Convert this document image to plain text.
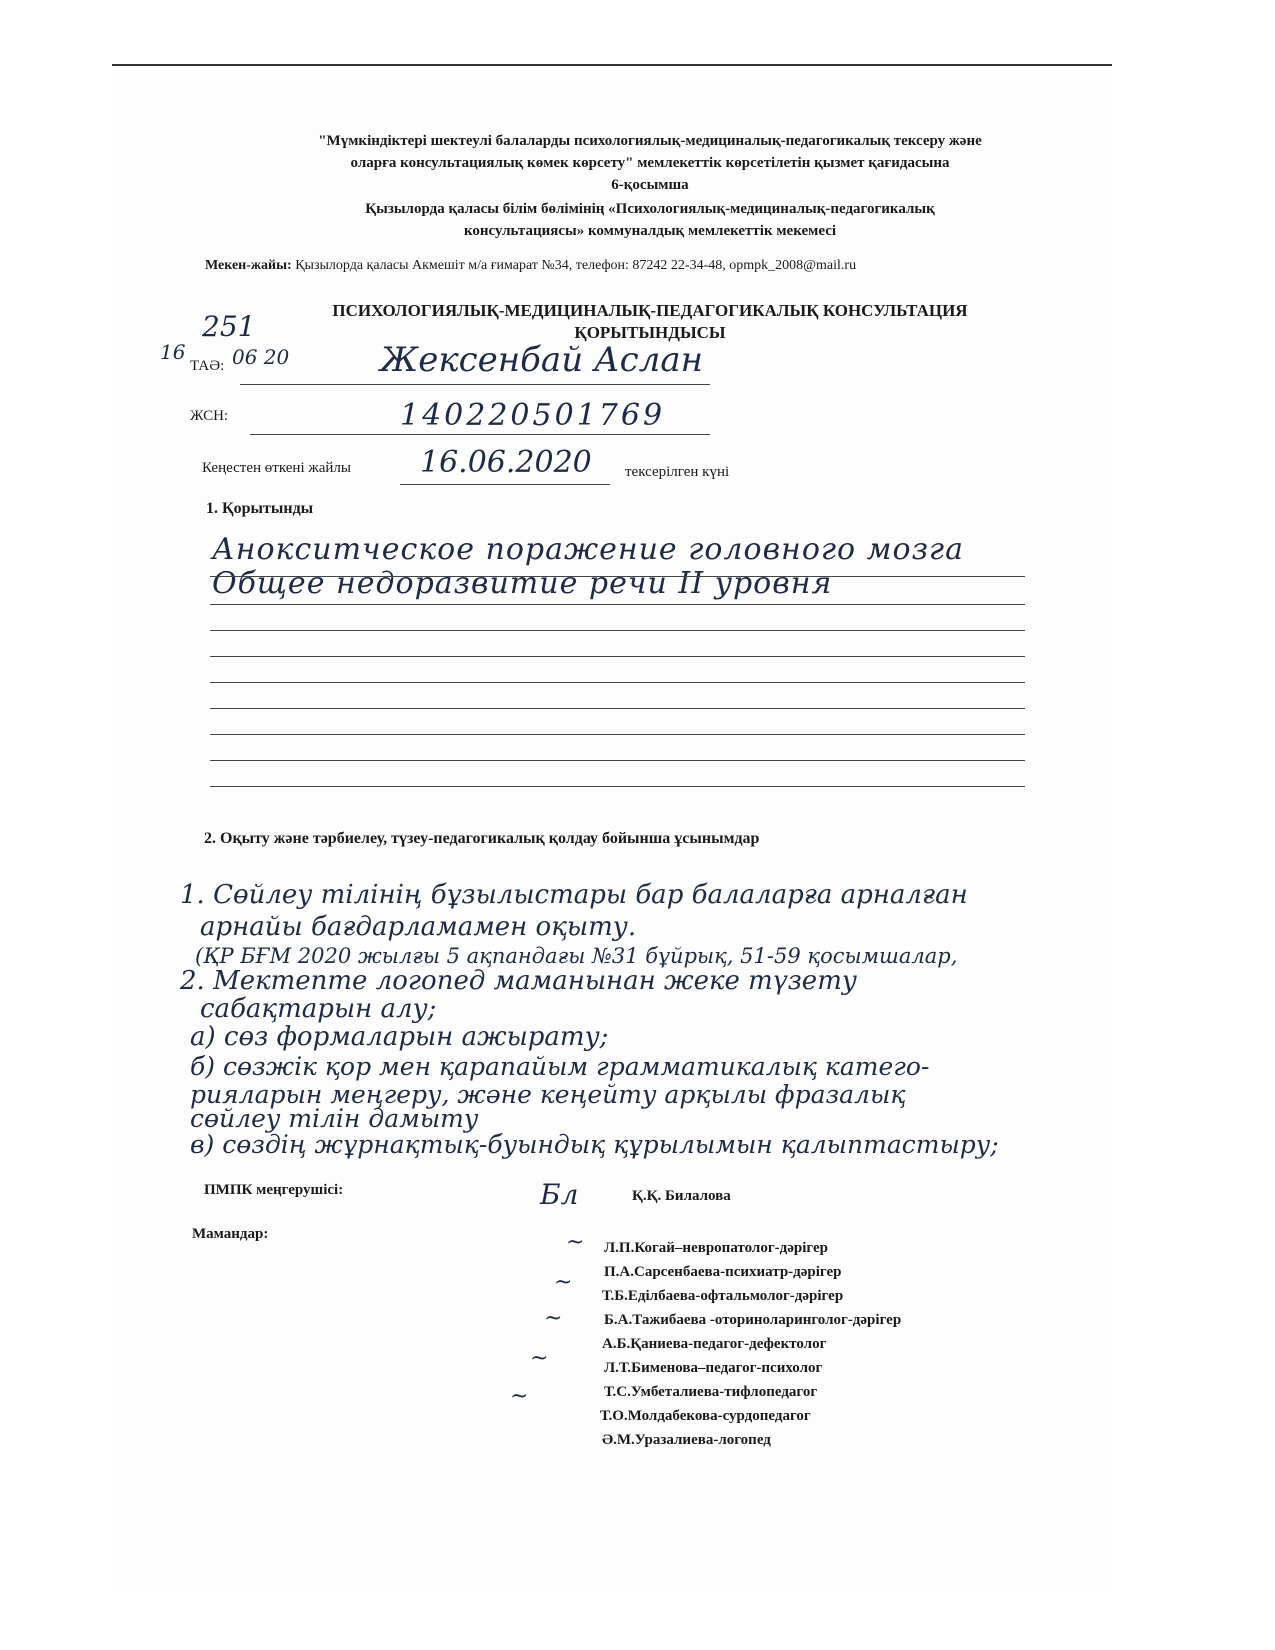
"Мүмкіндіктері шектеулі балаларды психологиялық-медициналық-педагогикалық тексеру және
оларға консультациялық көмек көрсету" мемлекеттік көрсетілетін қызмет қағидасына
6-қосымша
Қызылорда қаласы білім бөлімінің «Психологиялық-медициналық-педагогикалық
консультациясы» коммуналдық мемлекеттік мекемесі
Мекен-жайы: Қызылорда қаласы Акмешіт м/а ғимарат №34, телефон: 87242 22-34-48, opmpk_2008@mail.ru
ПСИХОЛОГИЯЛЫҚ-МЕДИЦИНАЛЫҚ-ПЕДАГОГИКАЛЫҚ КОНСУЛЬТАЦИЯ
ҚОРЫТЫНДЫСЫ
251
16 06 20
ТАӘ:	Жексенбай Аслан
ЖСН:	140220501769
Кеңестен өткені жайлы 16.06.2020 тексерілген күні
1. Қорытынды
Анокситческое поражение головного мозга
Общее недоразвитие речи II уровня
2. Оқыту және тәрбиелеу, түзеу-педагогикалық қолдау бойынша ұсынымдар
1. Сөйлеу тілінің бұзылыстары бар балаларға арналған
арнайы бағдарламамен оқыту.
(ҚР БҒМ 2020 жылғы 5 ақпандағы №31 бұйрық, 51-59 қосымшалар,
2. Мектепте логопед маманынан жеке түзету
сабақтарын алу;
а) сөз формаларын ажырату;
б) сөзжік қор мен қарапайым грамматикалық катего-
рияларын меңгеру, және кеңейту арқылы фразалық
сөйлеу тілін дамыту
в) сөздің жұрнақтық-буындық құрылымын қалыптастыру;
ПМПК меңгерушісі:	Бл	Қ.Қ. Билалова
Мамандар:	~
~
~
~
~
Л.П.Когай–невропатолог-дәрігер
П.А.Сарсенбаева-психиатр-дәрігер
Т.Б.Еділбаева-офтальмолог-дәрігер
Б.А.Тажибаева -оториноларинголог-дәрігер
А.Б.Қаниева-педагог-дефектолог
Л.Т.Бименова–педагог-психолог
Т.С.Умбеталиева-тифлопедагог
Т.О.Молдабекова-сурдопедагог
Ә.М.Уразалиева-логопед
